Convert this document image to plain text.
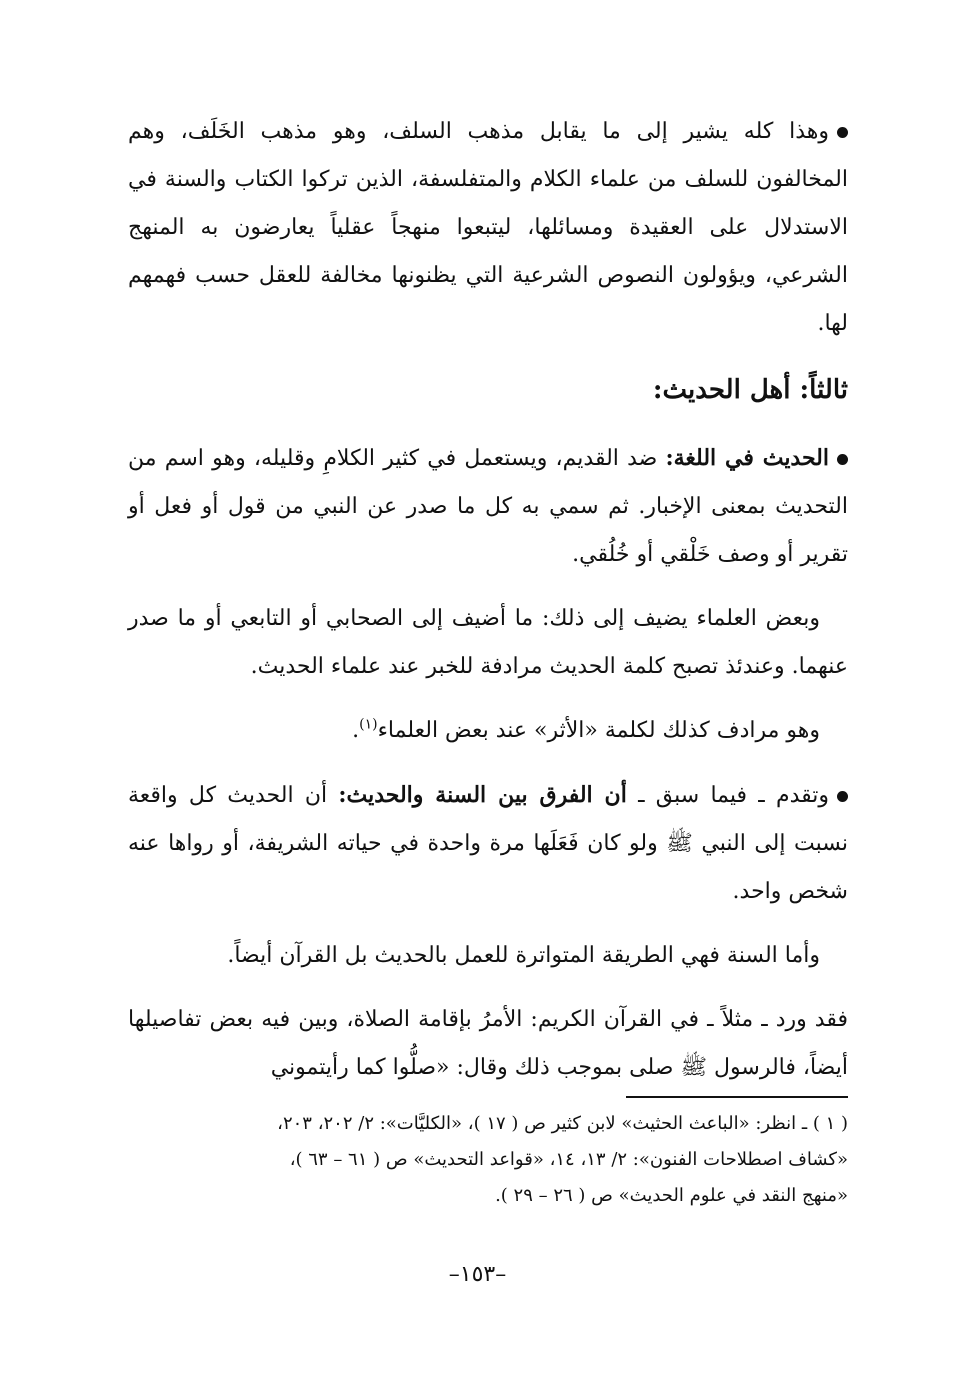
وهذا كله يشير إلى ما يقابل مذهب السلف، وهو مذهب الخَلَف، وهم المخالفون للسلف من علماء الكلام والمتفلسفة، الذين تركوا الكتاب والسنة في الاستدلال على العقيدة ومسائلها، ليتبعوا منهجاً عقلياً يعارضون به المنهج الشرعي، ويؤولون النصوص الشرعية التي يظنونها مخالفة للعقل حسب فهمهم لها.

ثالثاً: أهل الحديث:

الحديث في اللغة: ضد القديم، ويستعمل في كثير الكلامِ وقليله، وهو اسم من التحديث بمعنى الإخبار. ثم سمي به كل ما صدر عن النبي من قول أو فعل أو تقرير أو وصف خَلْقي أو خُلُقي.

وبعض العلماء يضيف إلى ذلك: ما أضيف إلى الصحابي أو التابعي أو ما صدر عنهما. وعندئذ تصبح كلمة الحديث مرادفة للخبر عند علماء الحديث.

وهو مرادف كذلك لكلمة «الأثر» عند بعض العلماء$^{(١)}$.

وتقدم ـ فيما سبق ـ أن الفرق بين السنة والحديث: أن الحديث كل واقعة نسبت إلى النبي ﷺ ولو كان فَعَلَها مرة واحدة في حياته الشريفة، أو رواها عنه شخص واحد.

وأما السنة فهي الطريقة المتواترة للعمل بالحديث بل القرآن أيضاً.

فقد ورد ـ مثلاً ـ في القرآن الكريم: الأمرُ بإقامة الصلاة، وبين فيه بعض تفاصيلها أيضاً، فالرسول ﷺ صلى بموجب ذلك وقال: «صلُّوا كما رأيتموني

( ١ ) ـ انظر: «الباعث الحثيث» لابن كثير ص ( ١٧ )، «الكليَّات»: ٢/ ٢٠٢، ٢٠٣،

«كشاف اصطلاحات الفنون»: ٢/ ١٣، ١٤، «قواعد التحديث» ص ( ٦١ – ٦٣ )،

«منهج النقد في علوم الحديث» ص ( ٢٦ – ٢٩ ).

–١٥٣–
